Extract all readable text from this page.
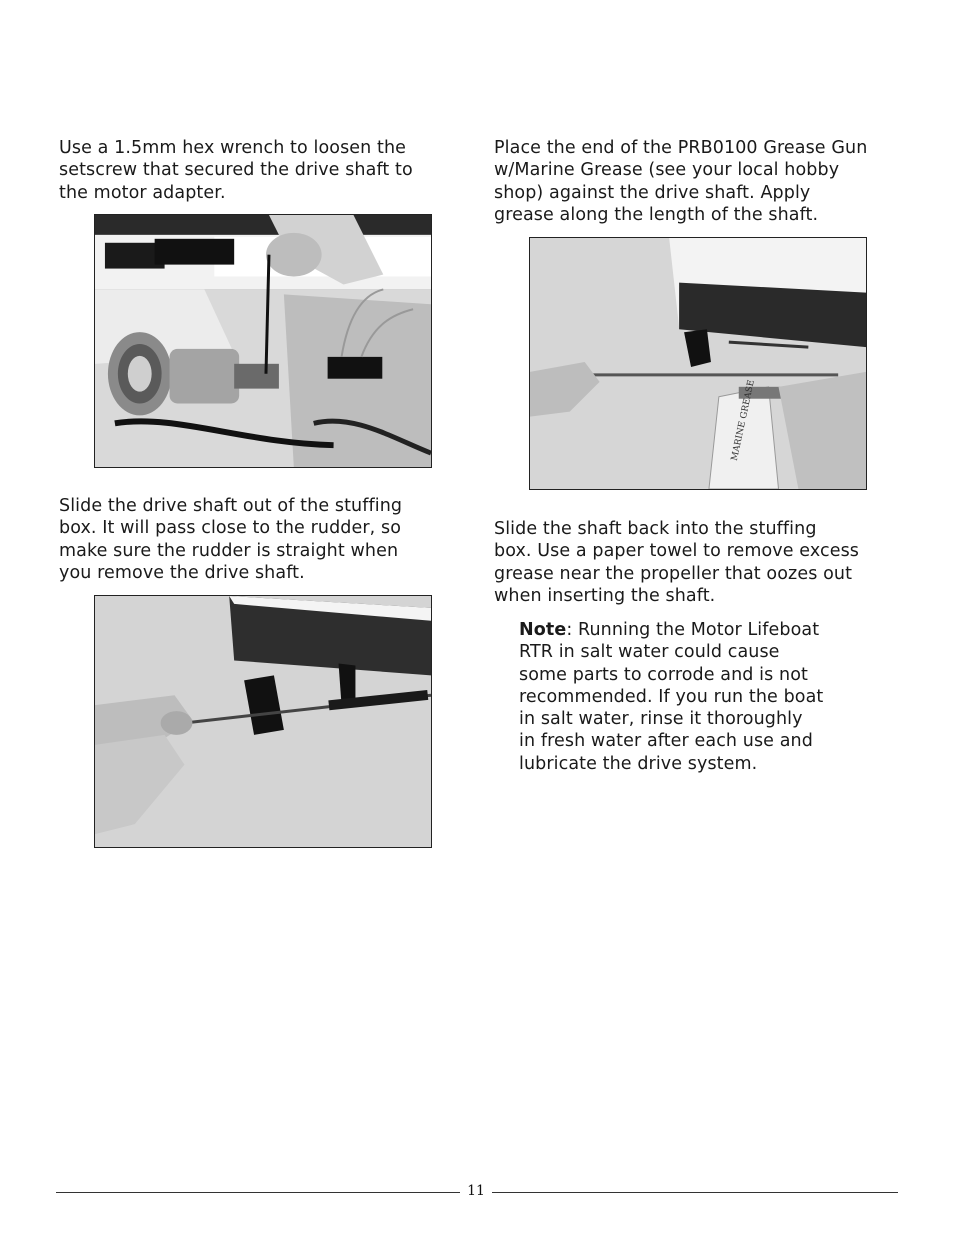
Use a 1.5mm hex wrench to loosen the
setscrew that secured the drive shaft to
the motor adapter.

Slide the drive shaft out of the stuffing
box. It will pass close to the rudder, so
make sure the rudder is straight when
you remove the drive shaft.

Place the end of the PRB0100 Grease Gun
w/Marine Grease (see your local hobby
shop) against the drive shaft. Apply
grease along the length of the shaft.

MARINE GREASE

Slide the shaft back into the stuffing
box. Use a paper towel to remove excess
grease near the propeller that oozes out
when inserting the shaft.

Note: Running the Motor Lifeboat
RTR in salt water could cause
some parts to corrode and is not
recommended. If you run the boat
in salt water, rinse it thoroughly
in fresh water after each use and
lubricate the drive system.

11
